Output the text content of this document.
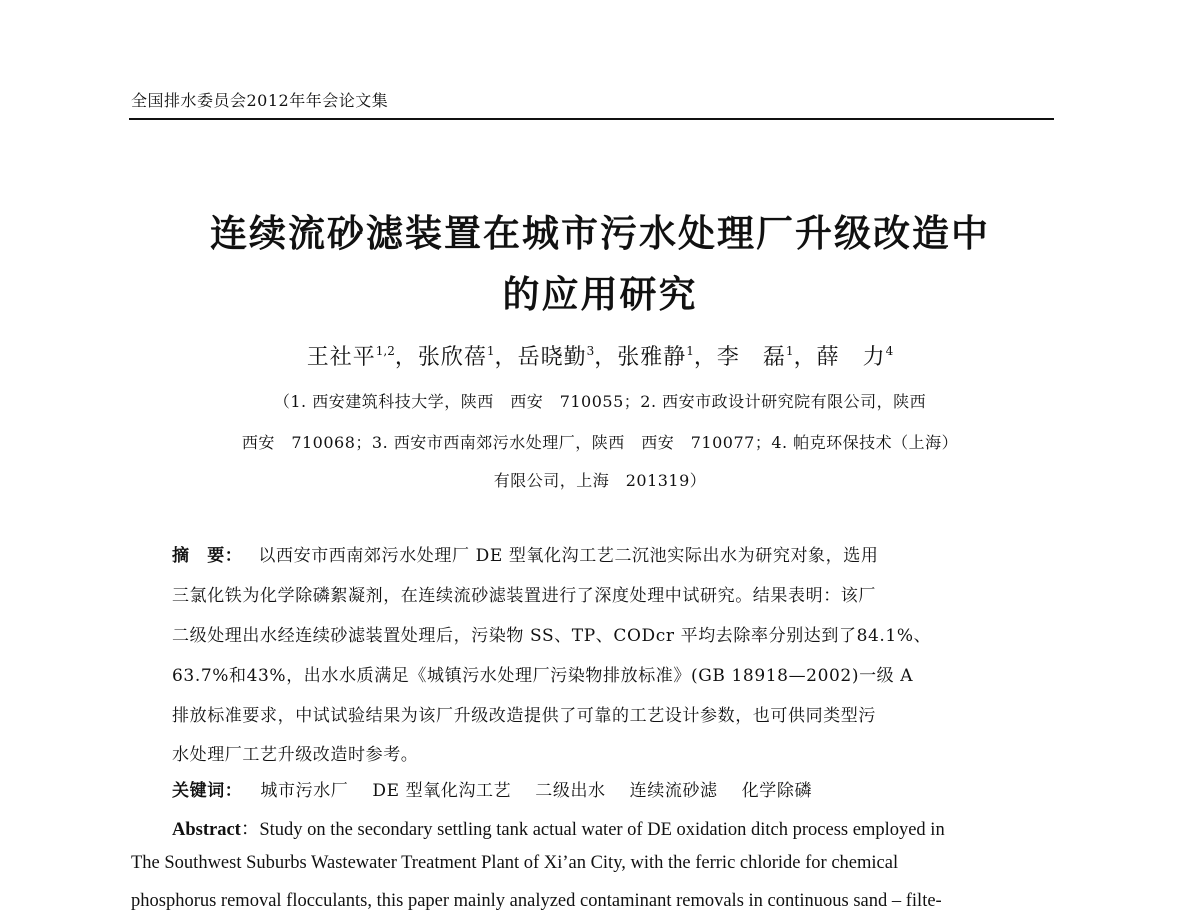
全国排水委员会2012年年会论文集
连续流砂滤装置在城市污水处理厂升级改造中
的应用研究
王社平$^{1,2}$，张欣蓓$^1$，岳晓勤$^3$，张雅静$^1$，李　磊$^1$，薛　力$^4$
（1. 西安建筑科技大学，陕西　西安　710055；2. 西安市政设计研究院有限公司，陕西
西安　710068；3. 西安市西南郊污水处理厂，陕西　西安　710077；4. 帕克环保技术（上海）
有限公司，上海　201319）
摘　要： 以西安市西南郊污水处理厂 DE 型氧化沟工艺二沉池实际出水为研究对象，选用
三氯化铁为化学除磷絮凝剂，在连续流砂滤装置进行了深度处理中试研究。结果表明：该厂
二级处理出水经连续砂滤装置处理后，污染物 SS、TP、CODcr 平均去除率分别达到了84.1%、
63.7%和43%，出水水质满足《城镇污水处理厂污染物排放标准》(GB 18918—2002)一级 A
排放标准要求，中试试验结果为该厂升级改造提供了可靠的工艺设计参数，也可供同类型污
水处理厂工艺升级改造时参考。
关键词： 城市污水厂 DE 型氧化沟工艺 二级出水 连续流砂滤 化学除磷
Abstract：Study on the secondary settling tank actual water of DE oxidation ditch process employed in
The Southwest Suburbs Wastewater Treatment Plant of Xi’an City, with the ferric chloride for chemical
phosphorus removal flocculants, this paper mainly analyzed contaminant removals in continuous sand – filte-
